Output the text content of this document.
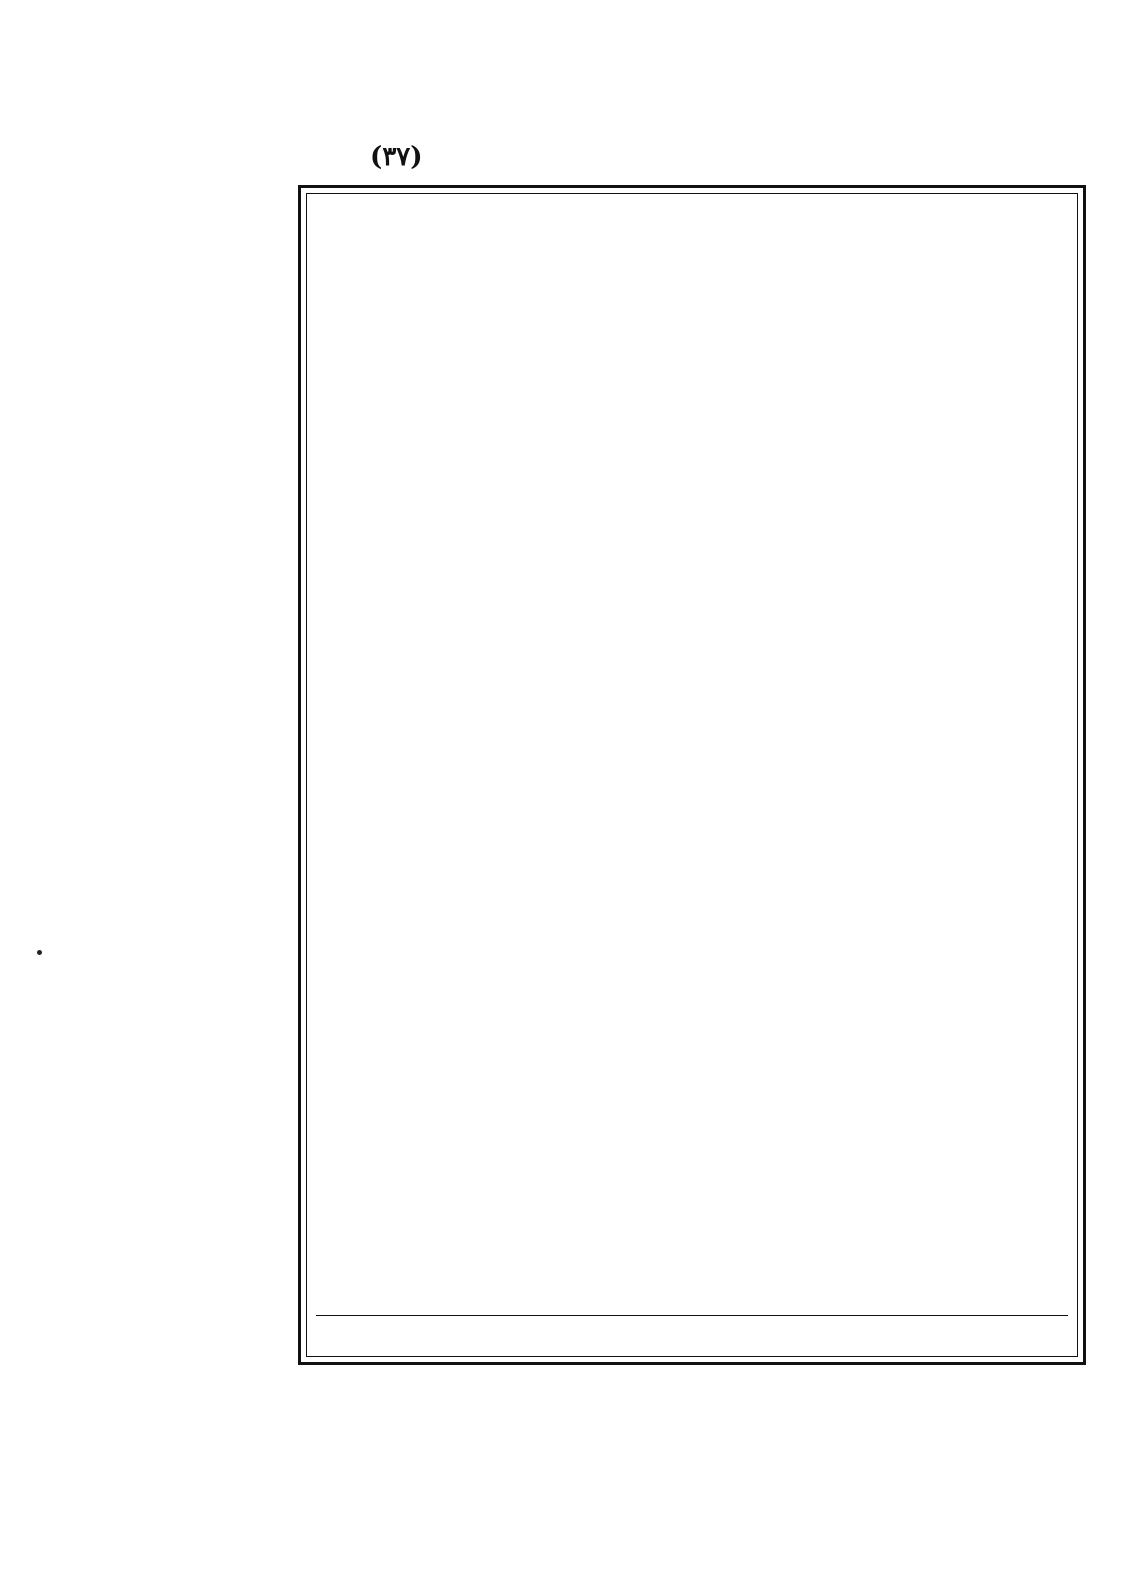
(٣٧)
